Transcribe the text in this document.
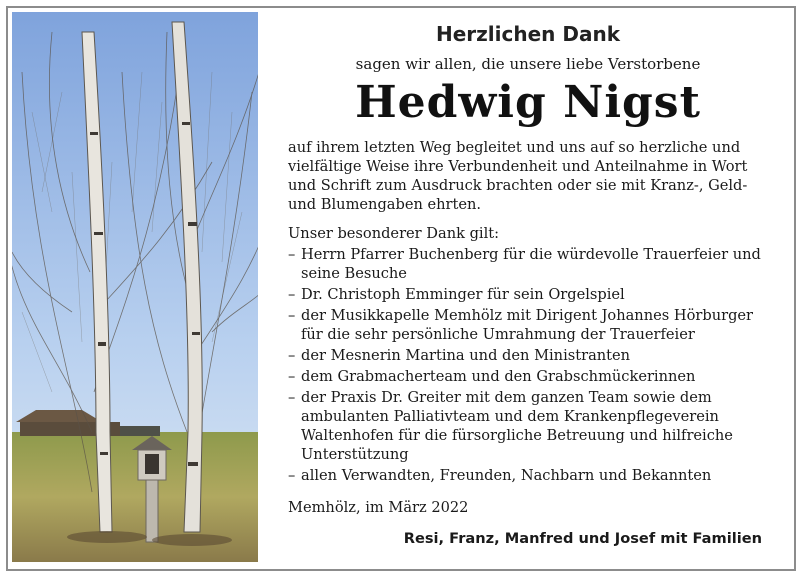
Herzlichen Dank
sagen wir allen, die unsere liebe Verstorbene
Hedwig Nigst

auf ihrem letzten Weg begleitet und uns auf so herzliche und vielfältige Weise ihre Verbundenheit und Anteilnahme in Wort und Schrift zum Ausdruck brachten oder sie mit Kranz-, Geld- und Blumengaben ehrten.

Unser besonderer Dank gilt:
– Herrn Pfarrer Buchenberg für die würdevolle Trauerfeier und seine Besuche
– Dr. Christoph Emminger für sein Orgelspiel
– der Musikkapelle Memhölz mit Dirigent Johannes Hörburger für die sehr persönliche Umrahmung der Trauerfeier
– der Mesnerin Martina und den Ministranten
– dem Grabmacherteam und den Grabschmückerinnen
– der Praxis Dr. Greiter mit dem ganzen Team sowie dem ambulanten Palliativteam und dem Krankenpflegeverein Waltenhofen für die fürsorgliche Betreuung und hilfreiche Unterstützung
– allen Verwandten, Freunden, Nachbarn und Bekannten
Memhölz, im März 2022
Resi, Franz, Manfred und Josef mit Familien
